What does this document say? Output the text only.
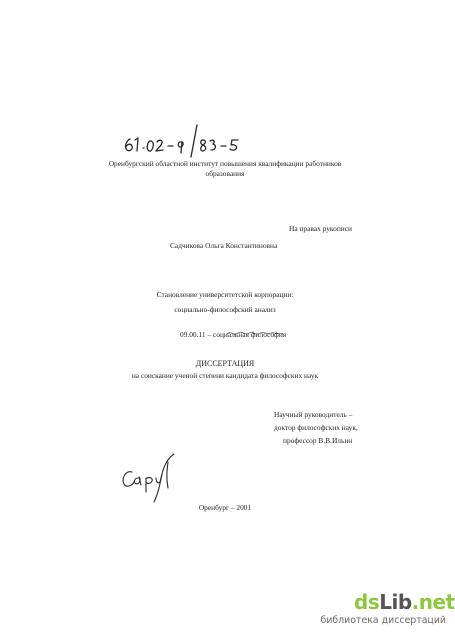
Оренбургский областной институт повышения квалификации работников
образования
На правах рукописи
Садчикова Ольга Константиновна
Становление университетской корпорации:
социально-философский анализ
09.00.11 – социальная философия
ДИССЕРТАЦИЯ
на соискание ученой степени кандидата философских наук
Научный руководитель –
доктор философских наук,
профессор В.В.Ильин
Оренбург – 2001
dsLib.net
библиотека диссертаций
